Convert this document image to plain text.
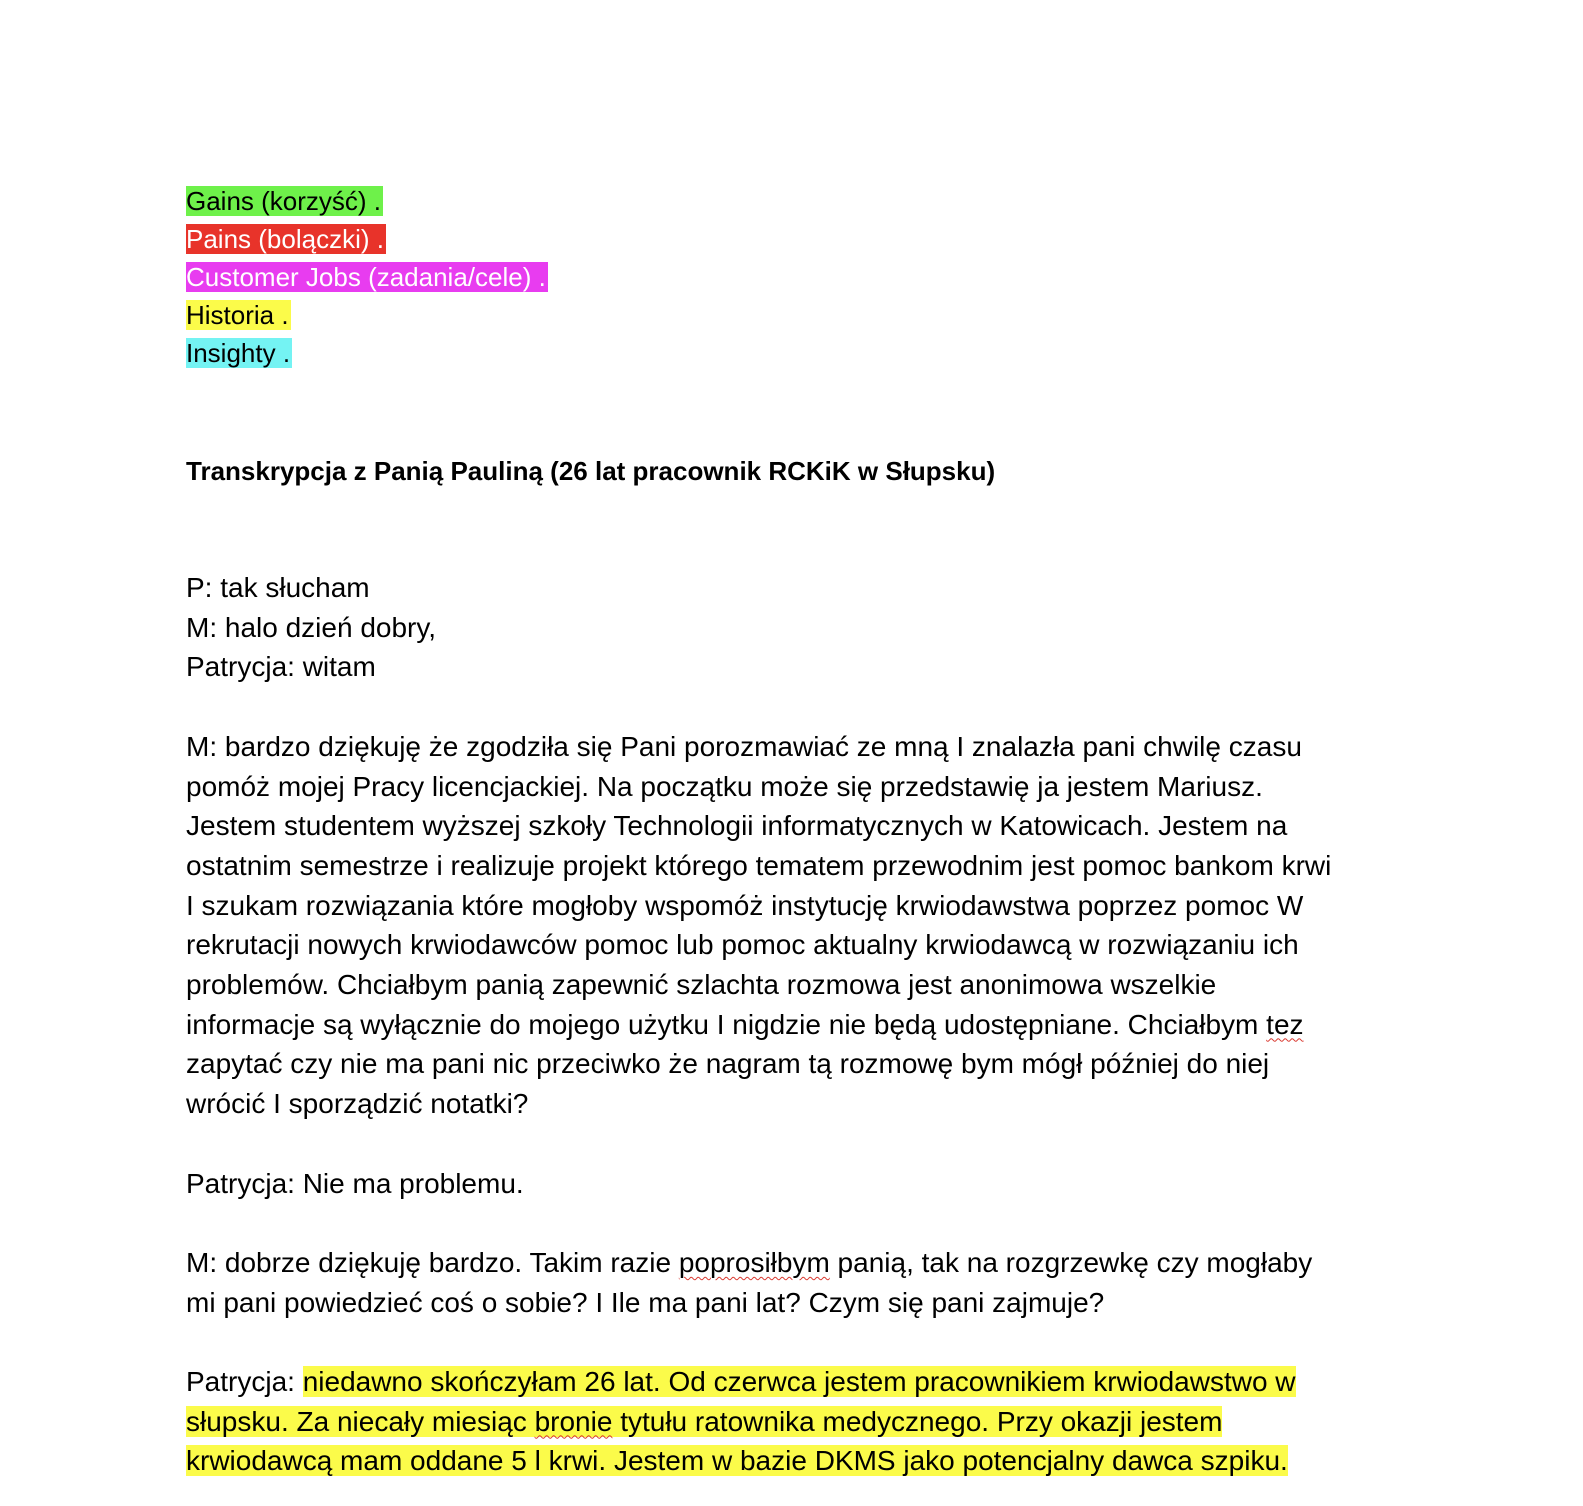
Gains (korzyść) .
Pains (bolączki) .
Customer Jobs (zadania/cele) .
Historia .
Insighty .
Transkrypcja z Panią Pauliną (26 lat pracownik RCKiK w Słupsku)

P: tak słucham

M: halo dzień dobry,

Patrycja: witam

M: bardzo dziękuję że zgodziła się Pani porozmawiać ze mną I znalazła pani chwilę czasu

pomóż mojej Pracy licencjackiej. Na początku może się przedstawię ja jestem Mariusz.

Jestem studentem wyższej szkoły Technologii informatycznych w Katowicach. Jestem na

ostatnim semestrze i realizuje projekt którego tematem przewodnim jest pomoc bankom krwi

I szukam rozwiązania które mogłoby wspomóż instytucję krwiodawstwa poprzez pomoc W

rekrutacji nowych krwiodawców pomoc lub pomoc aktualny krwiodawcą w rozwiązaniu ich

problemów. Chciałbym panią zapewnić szlachta rozmowa jest anonimowa wszelkie

informacje są wyłącznie do mojego użytku I nigdzie nie będą udostępniane. Chciałbym tez

zapytać czy nie ma pani nic przeciwko że nagram tą rozmowę bym mógł później do niej

wrócić I sporządzić notatki?

Patrycja: Nie ma problemu.

M: dobrze dziękuję bardzo. Takim razie poprosiłbym panią, tak na rozgrzewkę czy mogłaby

mi pani powiedzieć coś o sobie? I Ile ma pani lat? Czym się pani zajmuje?

Patrycja: niedawno skończyłam 26 lat. Od czerwca jestem pracownikiem krwiodawstwo w

słupsku. Za niecały miesiąc bronie tytułu ratownika medycznego. Przy okazji jestem

krwiodawcą mam oddane 5 l krwi. Jestem w bazie DKMS jako potencjalny dawca szpiku.
